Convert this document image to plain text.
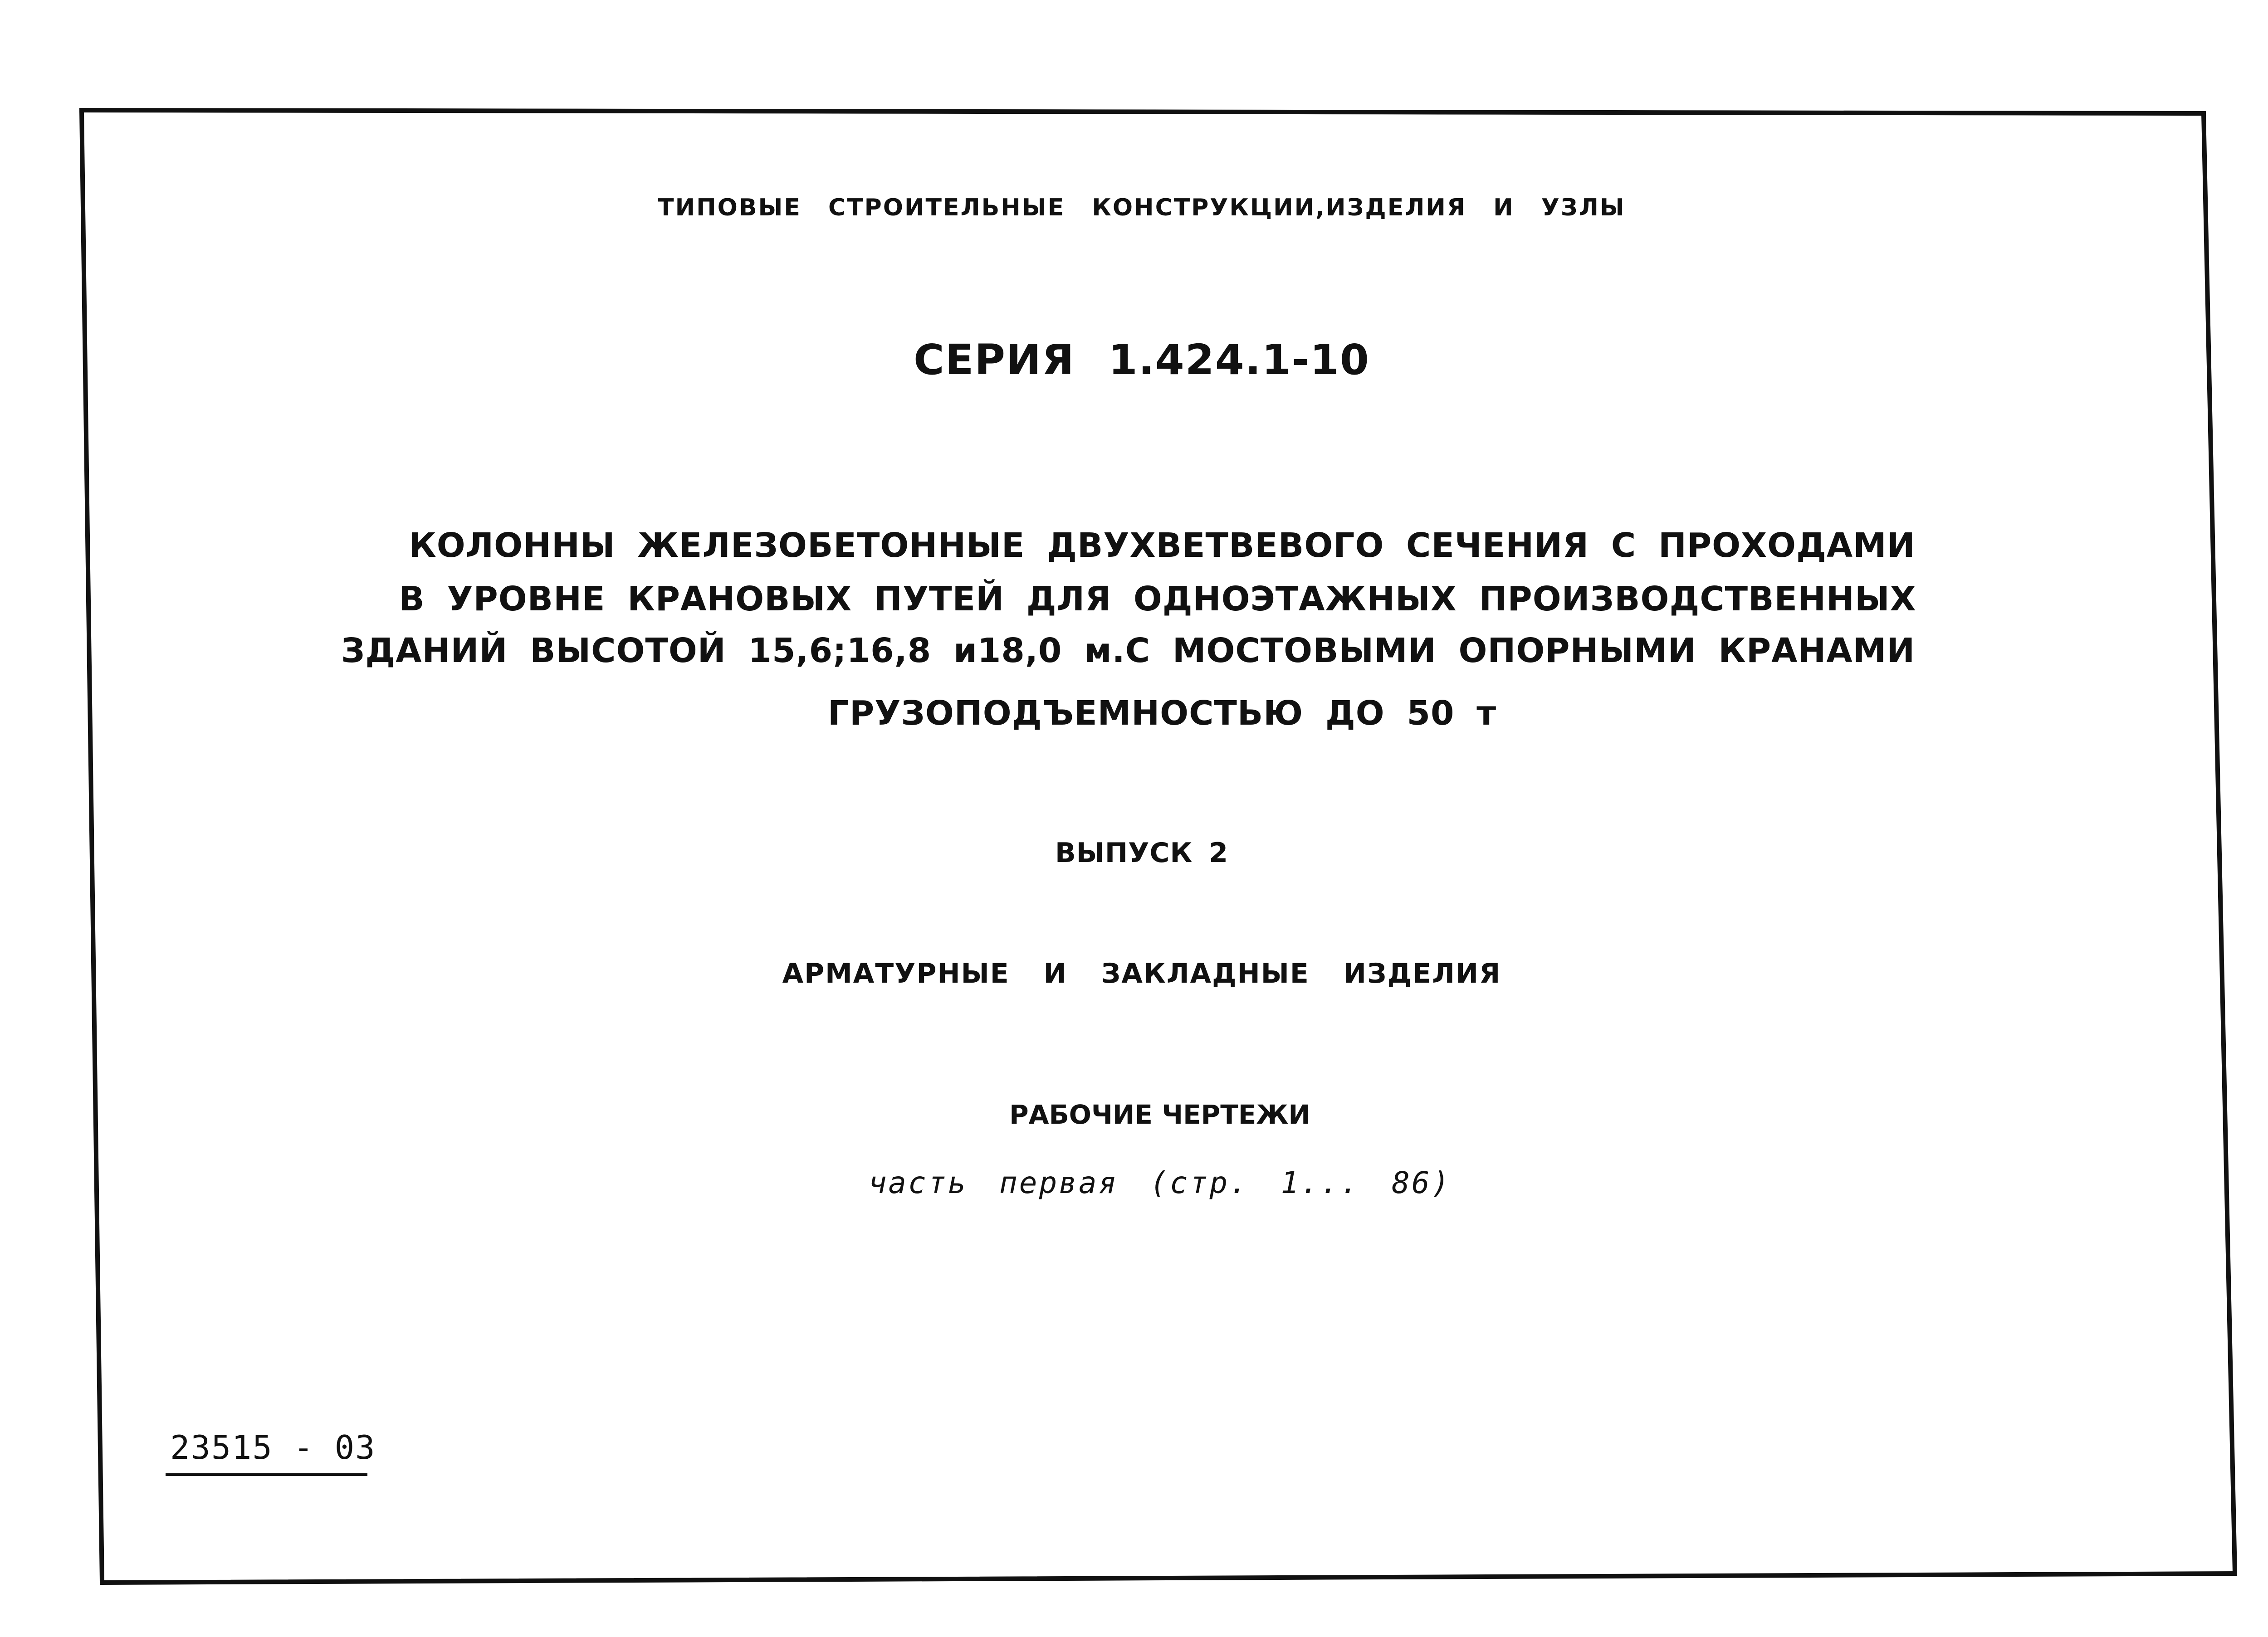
ТИПОВЫЕ СТРОИТЕЛЬНЫЕ КОНСТРУКЦИИ,ИЗДЕЛИЯ И УЗЛЫ
СЕРИЯ 1.424.1-10
КОЛОННЫ ЖЕЛЕЗОБЕТОННЫЕ ДВУХВЕТВЕВОГО СЕЧЕНИЯ С ПРОХОДАМИ
В УРОВНЕ КРАНОВЫХ ПУТЕЙ ДЛЯ ОДНОЭТАЖНЫХ ПРОИЗВОДСТВЕННЫХ
ЗДАНИЙ ВЫСОТОЙ 15,6;16,8 и18,0 м.С МОСТОВЫМИ ОПОРНЫМИ КРАНАМИ
ГРУЗОПОДЪЕМНОСТЬЮ ДО 50 т
ВЫПУСК 2
АРМАТУРНЫЕ И ЗАКЛАДНЫЕ ИЗДЕЛИЯ
РАБОЧИЕ ЧЕРТЕЖИ
часть первая (стр. 1... 86)
23515 - 03
